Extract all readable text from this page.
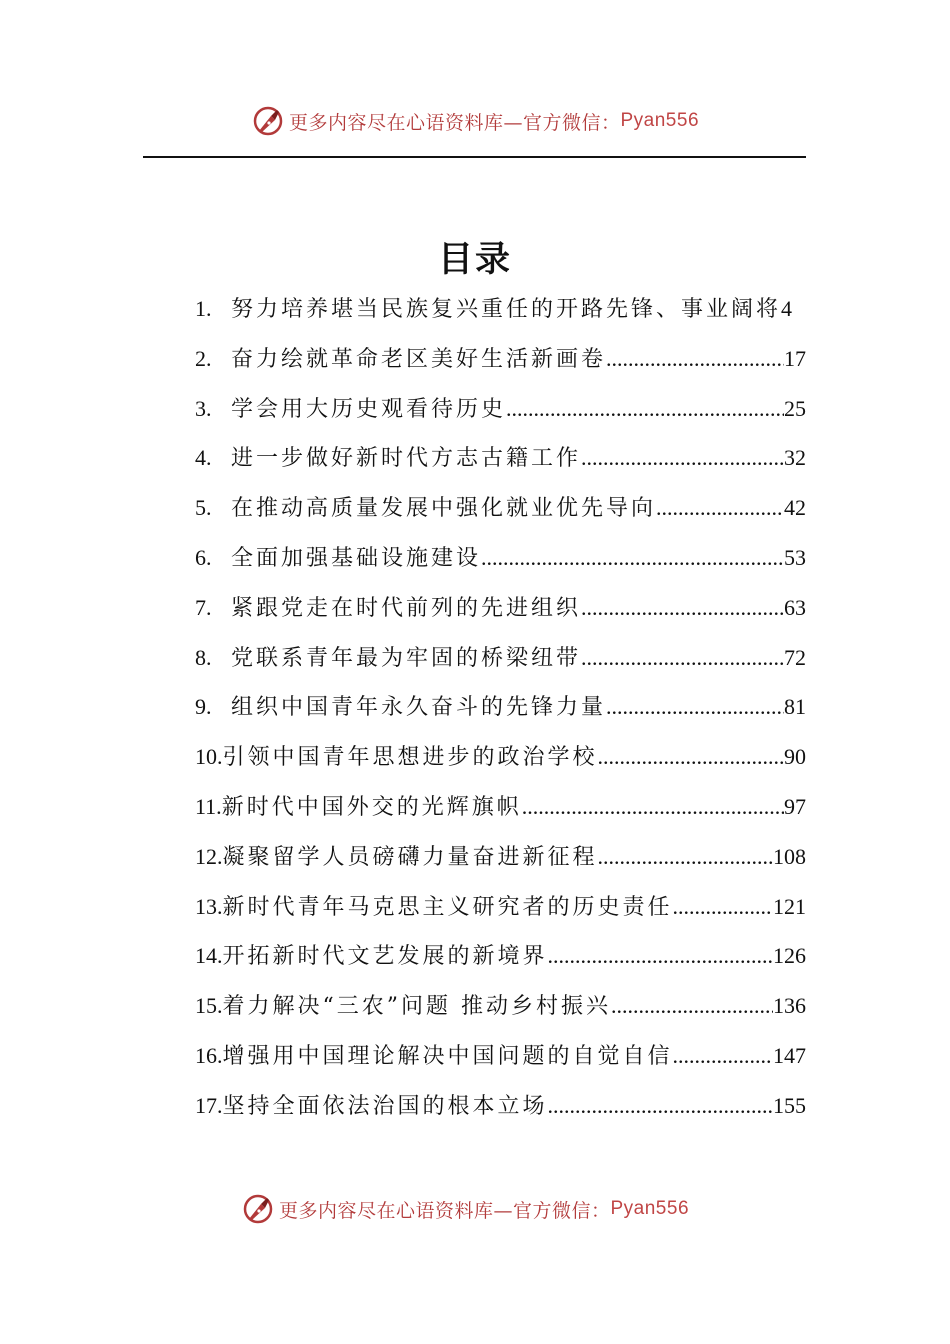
更多内容尽在心语资料库—官方微信： Pyan556
目录
1. 努力培养堪当民族复兴重任的开路先锋、事业阔将 4
2. 奋力绘就革命老区美好生活新画卷 .....	17
3. 学会用大历史观看待历史 .....	25
4. 进一步做好新时代方志古籍工作 .....	32
5. 在推动高质量发展中强化就业优先导向 .....	42
6. 全面加强基础设施建设 .....	53
7. 紧跟党走在时代前列的先进组织 .....	63
8. 党联系青年最为牢固的桥梁纽带 .....	72
9. 组织中国青年永久奋斗的先锋力量 .....	81
10. 引领中国青年思想进步的政治学校 .....	90
11. 新时代中国外交的光辉旗帜 .....	97
12. 凝聚留学人员磅礴力量奋进新征程 .....	108
13. 新时代青年马克思主义研究者的历史责任 .....	121
14. 开拓新时代文艺发展的新境界 .....	126
15. 着力解决“三农”问题 推动乡村振兴 .....	136
16. 增强用中国理论解决中国问题的自觉自信 .....	147
17. 坚持全面依法治国的根本立场 .....	155
更多内容尽在心语资料库—官方微信： Pyan556
